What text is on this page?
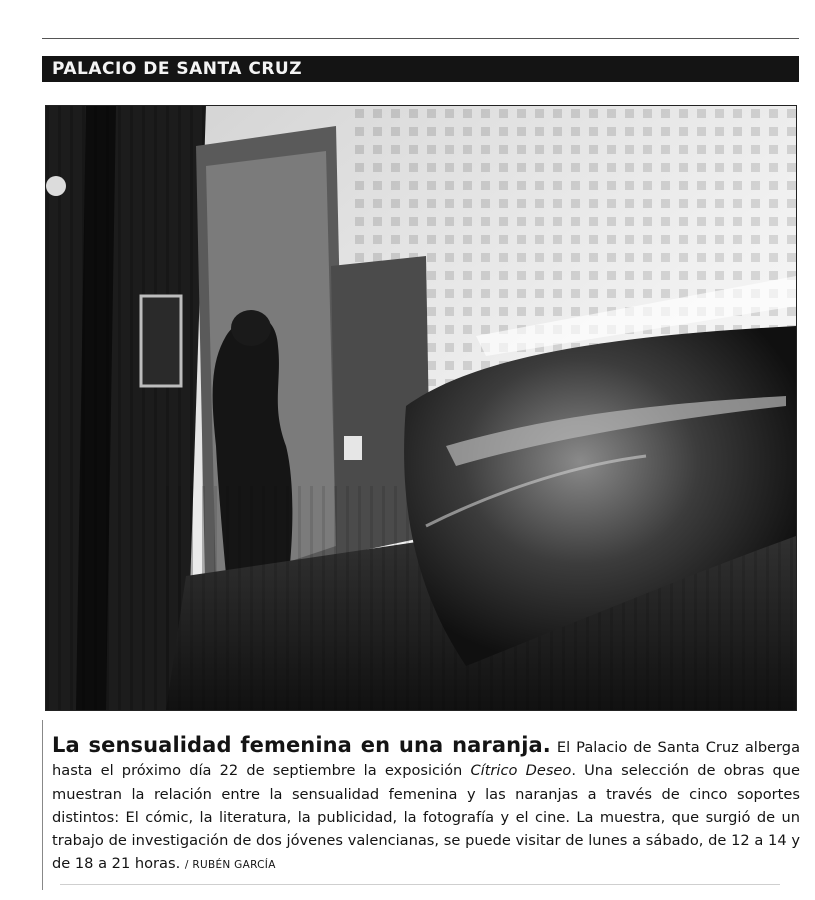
PALACIO DE SANTA CRUZ

La sensualidad femenina en una naranja. El Palacio de Santa Cruz alberga hasta el próximo día 22 de septiembre la exposición Cítrico Deseo. Una selección de obras que muestran la relación entre la sensualidad femenina y las naranjas a través de cinco soportes distintos: El cómic, la literatura, la publicidad, la fotografía y el cine. La muestra, que surgió de un trabajo de investigación de dos jóvenes valencianas, se puede visitar de lunes a sábado, de 12 a 14 y de 18 a 21 horas. / RUBÉN GARCÍA
